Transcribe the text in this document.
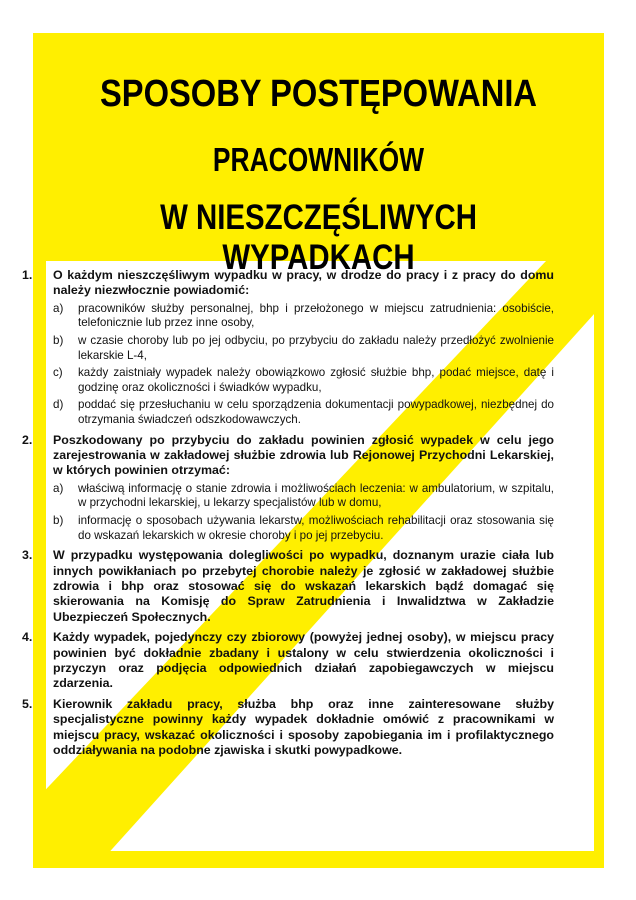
SPOSOBY POSTĘPOWANIA
PRACOWNIKÓW
W NIESZCZĘŚLIWYCH WYPADKACH
1.	O każdym nieszczęśliwym wypadku w pracy, w drodze do pracy i z pracy do domu należy niezwłocznie powiadomić:
a)	pracowników służby personalnej, bhp i przełożonego w miejscu zatrudnienia: osobiście, telefonicznie lub przez inne osoby,
b)	w czasie choroby lub po jej odbyciu, po przybyciu do zakładu należy przedłożyć zwolnienie lekarskie L-4,
c)	każdy zaistniały wypadek należy obowiązkowo zgłosić służbie bhp, podać miejsce, datę i godzinę oraz okoliczności i świadków wypadku,
d)	poddać się przesłuchaniu w celu sporządzenia dokumentacji powypadkowej, niezbędnej do otrzymania świadczeń odszkodowawczych.
2.	Poszkodowany po przybyciu do zakładu powinien zgłosić wypadek w celu jego zarejestrowania w zakładowej służbie zdrowia lub Rejonowej Przychodni Lekarskiej, w których powinien otrzymać:
a)	właściwą informację o stanie zdrowia i możliwościach leczenia: w ambulatorium, w szpitalu, w przychodni lekarskiej, u lekarzy specjalistów lub w domu,
b)	informację o sposobach używania lekarstw, możliwościach rehabilitacji oraz stosowania się do wskazań lekarskich w okresie choroby i po jej przebyciu.
3.	W przypadku występowania dolegliwości po wypadku, doznanym urazie ciała lub innych powikłaniach po przebytej chorobie należy je zgłosić w zakładowej służbie zdrowia i bhp oraz stosować się do wskazań lekarskich bądź domagać się skierowania na Komisję do Spraw Zatrudnienia i Inwalidztwa w Zakładzie Ubezpieczeń Społecznych.
4.	Każdy wypadek, pojedynczy czy zbiorowy (powyżej jednej osoby), w miejscu pracy powinien być dokładnie zbadany i ustalony w celu stwierdzenia okoliczności i przyczyn oraz podjęcia odpowiednich działań zapobiegawczych w miejscu zdarzenia.
5.	Kierownik zakładu pracy, służba bhp oraz inne zainteresowane służby specjalistyczne powinny każdy wypadek dokładnie omówić z pracownikami w miejscu pracy, wskazać okoliczności i sposoby zapobiegania im i profilaktycznego oddziaływania na podobne zjawiska i skutki powypadkowe.
